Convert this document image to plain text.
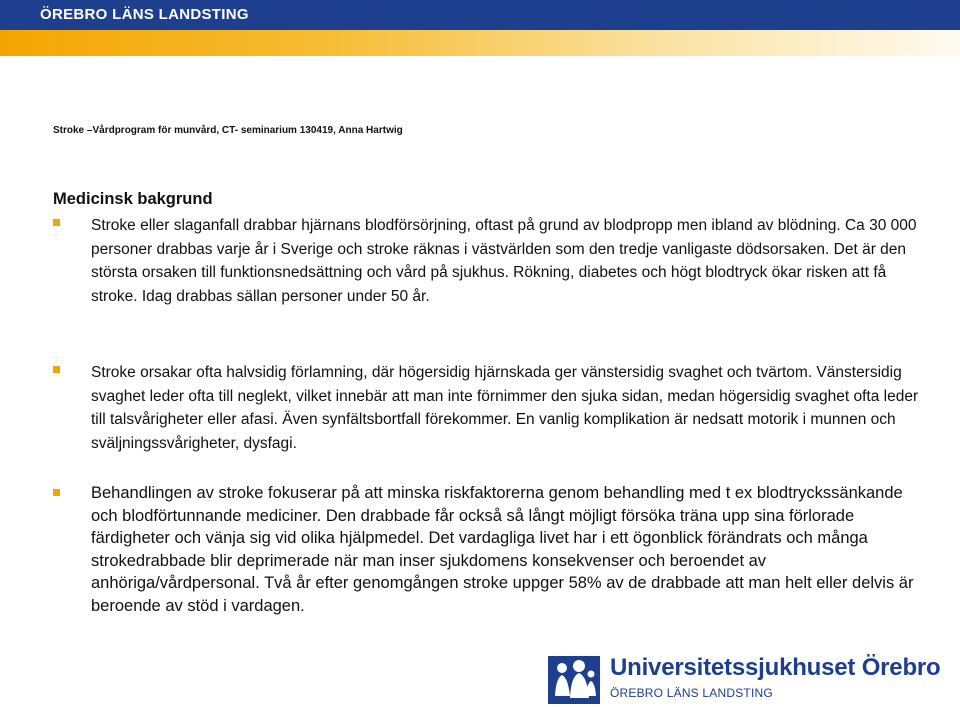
ÖREBRO LÄNS LANDSTING
Stroke –Vårdprogram för munvård, CT- seminarium 130419, Anna Hartwig
Medicinsk bakgrund
Stroke eller slaganfall drabbar hjärnans blodförsörjning, oftast på grund av blodpropp men ibland av blödning. Ca 30 000 personer drabbas varje år i Sverige och stroke räknas i västvärlden som den tredje vanligaste dödsorsaken. Det är den största orsaken till funktionsnedsättning och vård på sjukhus. Rökning, diabetes och högt blodtryck ökar risken att få stroke. Idag drabbas sällan personer under 50 år.
Stroke orsakar ofta halvsidig förlamning, där högersidig hjärnskada ger vänstersidig svaghet och tvärtom. Vänstersidig svaghet leder ofta till neglekt, vilket innebär att man inte förnimmer den sjuka sidan, medan högersidig svaghet ofta leder till talsvårigheter eller afasi. Även synfältsbortfall förekommer. En vanlig komplikation är nedsatt motorik i munnen och sväljningssvårigheter, dysfagi.
Behandlingen av stroke fokuserar på att minska riskfaktorerna genom behandling med t ex blodtryckssänkande och blodförtunnande mediciner. Den drabbade får också så långt möjligt försöka träna upp sina förlorade färdigheter och vänja sig vid olika hjälpmedel. Det vardagliga livet har i ett ögonblick förändrats och många strokedrabbade blir deprimerade när man inser sjukdomens konsekvenser och beroendet av anhöriga/vårdpersonal. Två år efter genomgången stroke uppger 58% av de drabbade att man helt eller delvis är beroende av stöd i vardagen.
Universitetssjukhuset Örebro
ÖREBRO LÄNS LANDSTING
